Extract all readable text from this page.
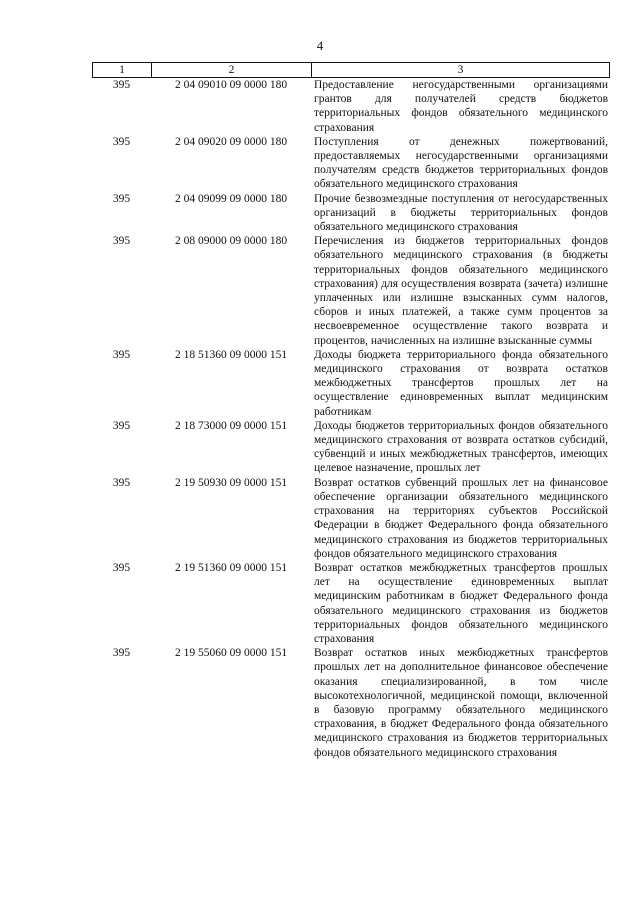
4
1	2	3
395	2 04 09010 09 0000 180	Предоставление негосударственными организациями грантов для получателей средств бюджетов территориальных фондов обязательного медицинского страхования
395	2 04 09020 09 0000 180	Поступления от денежных пожертвований, предоставляемых негосударственными организациями получателям средств бюджетов территориальных фондов обязательного медицинского страхования
395	2 04 09099 09 0000 180	Прочие безвозмездные поступления от негосударственных организаций в бюджеты территориальных фондов обязательного медицинского страхования
395	2 08 09000 09 0000 180	Перечисления из бюджетов территориальных фондов обязательного медицинского страхования (в бюджеты территориальных фондов обязательного медицинского страхования) для осуществления возврата (зачета) излишне уплаченных или излишне взысканных сумм налогов, сборов и иных платежей, а также сумм процентов за несвоевременное осуществление такого возврата и процентов, начисленных на излишне взысканные суммы
395	2 18 51360 09 0000 151	Доходы бюджета территориального фонда обязательного медицинского страхования от возврата остатков межбюджетных трансфертов прошлых лет на осуществление единовременных выплат медицинским работникам
395	2 18 73000 09 0000 151	Доходы бюджетов территориальных фондов обязательного медицинского страхования от возврата остатков субсидий, субвенций и иных межбюджетных трансфертов, имеющих целевое назначение, прошлых лет
395	2 19 50930 09 0000 151	Возврат остатков субвенций прошлых лет на финансовое обеспечение организации обязательного медицинского страхования на территориях субъектов Российской Федерации в бюджет Федерального фонда обязательного медицинского страхования из бюджетов территориальных фондов обязательного медицинского страхования
395	2 19 51360 09 0000 151	Возврат остатков межбюджетных трансфертов прошлых лет на осуществление единовременных выплат медицинским работникам в бюджет Федерального фонда обязательного медицинского страхования из бюджетов территориальных фондов обязательного медицинского страхования
395	2 19 55060 09 0000 151	Возврат остатков иных межбюджетных трансфертов прошлых лет на дополнительное финансовое обеспечение оказания специализированной, в том числе высокотехнологичной, медицинской помощи, включенной в базовую программу обязательного медицинского страхования, в бюджет Федерального фонда обязательного медицинского страхования из бюджетов территориальных фондов обязательного медицинского страхования
